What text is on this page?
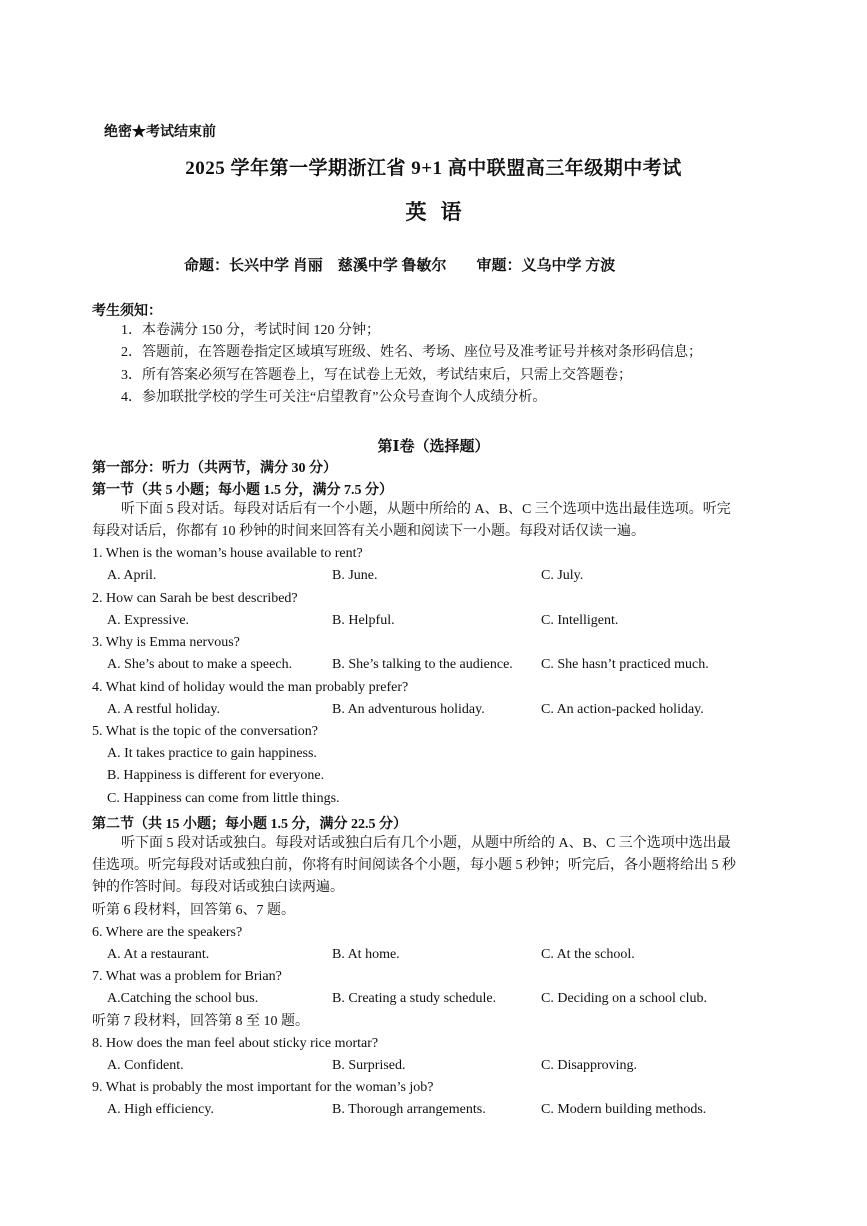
绝密★考试结束前
2025 学年第一学期浙江省 9+1 高中联盟高三年级期中考试
英语
命题：长兴中学 肖丽　慈溪中学 鲁敏尔　　审题：义乌中学 方波
考生须知：
1．本卷满分 150 分，考试时间 120 分钟；
2．答题前，在答题卷指定区域填写班级、姓名、考场、座位号及准考证号并核对条形码信息；
3．所有答案必须写在答题卷上，写在试卷上无效，考试结束后，只需上交答题卷；
4．参加联批学校的学生可关注“启望教育”公众号查询个人成绩分析。
第Ⅰ卷（选择题）
第一部分：听力（共两节，满分 30 分）
第一节（共 5 小题；每小题 1.5 分，满分 7.5 分）
听下面 5 段对话。每段对话后有一个小题，从题中所给的 A、B、C 三个选项中选出最佳选项。听完
每段对话后，你都有 10 秒钟的时间来回答有关小题和阅读下一小题。每段对话仅读一遍。
1. When is the woman’s house available to rent?
A. April.	B. June.	C. July.
2. How can Sarah be best described?
A. Expressive.	B. Helpful.	C. Intelligent.
3. Why is Emma nervous?
A. She’s about to make a speech.	B. She’s talking to the audience. C. She hasn’t practiced much.
4. What kind of holiday would the man probably prefer?
A. A restful holiday.	B. An adventurous holiday.	C. An action-packed holiday.
5. What is the topic of the conversation?
A. It takes practice to gain happiness.
B. Happiness is different for everyone.
C. Happiness can come from little things.
第二节（共 15 小题；每小题 1.5 分，满分 22.5 分）
听下面 5 段对话或独白。每段对话或独白后有几个小题，从题中所给的 A、B、C 三个选项中选出最
佳选项。听完每段对话或独白前，你将有时间阅读各个小题，每小题 5 秒钟；听完后，各小题将给出 5 秒
钟的作答时间。每段对话或独白读两遍。
听第 6 段材料，回答第 6、7 题。
6. Where are the speakers?
A. At a restaurant.	B. At home.	C. At the school.
7. What was a problem for Brian?
A.Catching the school bus.	B. Creating a study schedule.	C. Deciding on a school club.
听第 7 段材料，回答第 8 至 10 题。
8. How does the man feel about sticky rice mortar?
A. Confident.	B. Surprised.	C. Disapproving.
9. What is probably the most important for the woman’s job?
A. High efficiency.	B. Thorough arrangements.	C. Modern building methods.
